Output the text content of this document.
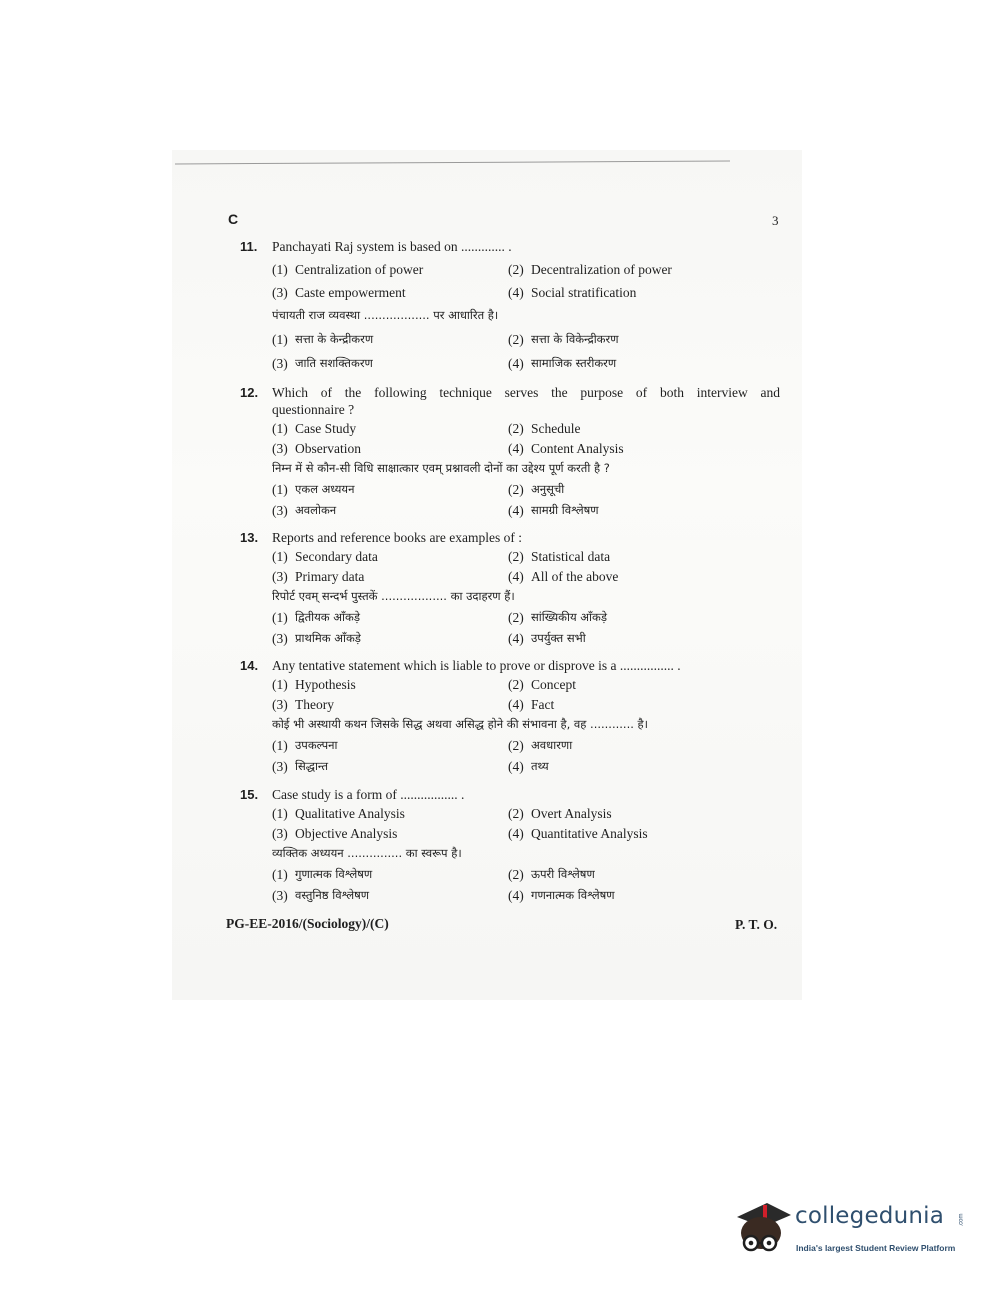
C	3
11.	Panchayati Raj system is based on ............. .
(1) Centralization of power	(2) Decentralization of power
(3) Caste empowerment	(4) Social stratification
पंचायती राज व्यवस्था .................. पर आधारित है।
(1) सत्ता के केन्द्रीकरण	(2) सत्ता के विकेन्द्रीकरण
(3) जाति सशक्तिकरण	(4) सामाजिक स्तरीकरण
12.	Which of the following technique serves the purpose of both interview and
questionnaire ?
(1) Case Study	(2) Schedule
(3) Observation	(4) Content Analysis
निम्न में से कौन-सी विधि साक्षात्कार एवम् प्रश्नावली दोनों का उद्देश्य पूर्ण करती है ?
(1) एकल अध्ययन	(2) अनुसूची
(3) अवलोकन	(4) सामग्री विश्लेषण
13.	Reports and reference books are examples of :
(1) Secondary data	(2) Statistical data
(3) Primary data	(4) All of the above
रिपोर्ट एवम् सन्दर्भ पुस्तकें .................. का उदाहरण हैं।
(1) द्वितीयक आँकड़े	(2) सांख्यिकीय आँकड़े
(3) प्राथमिक आँकड़े	(4) उपर्युक्त सभी
14.	Any tentative statement which is liable to prove or disprove is a ................ .
(1) Hypothesis	(2) Concept
(3) Theory	(4) Fact
कोई भी अस्थायी कथन जिसके सिद्ध अथवा असिद्ध होने की संभावना है, वह ............ है।
(1) उपकल्पना	(2) अवधारणा
(3) सिद्धान्त	(4) तथ्य
15.	Case study is a form of ................. .
(1) Qualitative Analysis	(2) Overt Analysis
(3) Objective Analysis	(4) Quantitative Analysis
व्यक्तिक अध्ययन ............... का स्वरूप है।
(1) गुणात्मक विश्लेषण	(2) ऊपरी विश्लेषण
(3) वस्तुनिष्ठ विश्लेषण	(4) गणनात्मक विश्लेषण
PG-EE-2016/(Sociology)/(C)	P. T. O.
collegedunia .com
India's largest Student Review Platform
